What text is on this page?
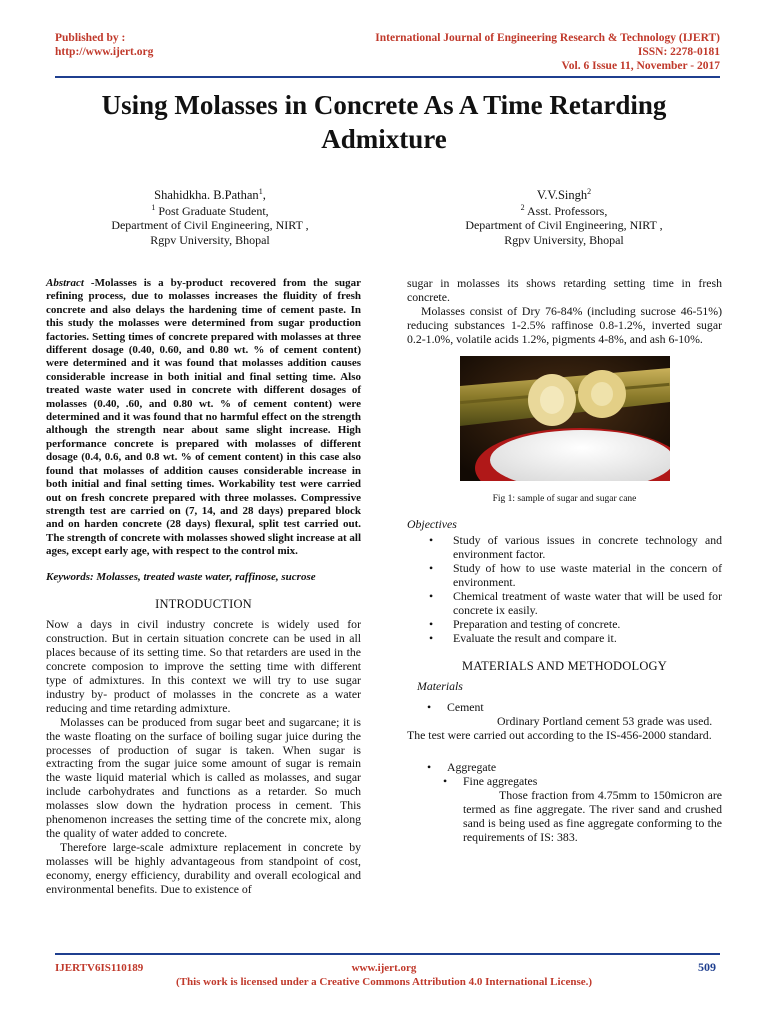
Published by :
http://www.ijert.org
International Journal of Engineering Research & Technology (IJERT)
ISSN: 2278-0181
Vol. 6 Issue 11, November - 2017
Using Molasses in Concrete As A Time Retarding Admixture
Shahidkha. B.Pathan$^1$,
$^1$ Post Graduate Student,
Department of Civil Engineering, NIRT ,
Rgpv University, Bhopal
V.V.Singh$^2$
$^2$ Asst. Professors,
Department of Civil Engineering, NIRT ,
Rgpv University, Bhopal

Abstract -Molasses is a by-product recovered from the sugar refining process, due to molasses increases the fluidity of fresh concrete and also delays the hardening time of cement paste. In this study the molasses were determined from sugar production factories. Setting times of concrete prepared with molasses at three different dosage (0.40, 0.60, and 0.80 wt. % of cement content) were determined and it was found that molasses addition causes considerable increase in both initial and final setting time. Also treated waste water used in concrete with different dosages of molasses (0.40, .60, and 0.80 wt. % of cement content) were determined and it was found that no harmful effect on the strength although the strength near about same slight increase. High performance concrete is prepared with molasses of different dosage (0.4, 0.6, and 0.8 wt. % of cement content) in this case also found that molasses of addition causes considerable increase in both initial and final setting times. Workability test were carried out on fresh concrete prepared with three molasses. Compressive strength test are carried on (7, 14, and 28 days) prepared block and on harden concrete (28 days) flexural, split test carried out. The strength of concrete with molasses showed slight increase at all ages, except early age, with respect to the control mix.

Keywords: Molasses, treated waste water, raffinose, sucrose

INTRODUCTION

Now a days in civil industry concrete is widely used for construction. But in certain situation concrete can be used in all places because of its setting time. So that retarders are used in the concrete composion to improve the setting time with different type of admixtures. In this context we will try to use sugar industry by- product of molasses in the concrete as a water reducing and time retarding admixture.

Molasses can be produced from sugar beet and sugarcane; it is the waste floating on the surface of boiling sugar juice during the processes of production of sugar is taken. When sugar is extracting from the sugar juice some amount of sugar is remain the waste liquid material which is called as molasses, and sugar include carbohydrates and functions as a retarder. So much molasses slow down the hydration process in cement. This phenomenon increases the setting time of the concrete mix, along the quality of water added to concrete.

Therefore large-scale admixture replacement in concrete by molasses will be highly advantageous from standpoint of cost, economy, energy efficiency, durability and overall ecological and environmental benefits. Due to existence of

sugar in molasses its shows retarding setting time in fresh concrete.

Molasses consist of Dry 76-84% (including sucrose 46-51%) reducing substances 1-2.5% raffinose 0.8-1.2%, inverted sugar 0.2-1.0%, volatile acids 1.2%, pigments 4-8%, and ash 6-10%.

Fig 1: sample of sugar and sugar cane
Objectives
• Study of various issues in concrete technology and environment factor.
• Study of how to use waste material in the concern of environment.
• Chemical treatment of waste water that will be used for concrete ix easily.
• Preparation and testing of concrete.
• Evaluate the result and compare it.
MATERIALS AND METHODOLOGY
Materials
• Cement

Ordinary Portland cement 53 grade was used.

The test were carried out according to the IS-456-2000 standard.

• Aggregate
• Fine aggregates

Those fraction from 4.75mm to 150micron are termed as fine aggregate. The river sand and crushed sand is being used as fine aggregate conforming to the requirements of IS: 383.

IJERTV6IS110189	www.ijert.org
(This work is licensed under a Creative Commons Attribution 4.0 International License.)
509
